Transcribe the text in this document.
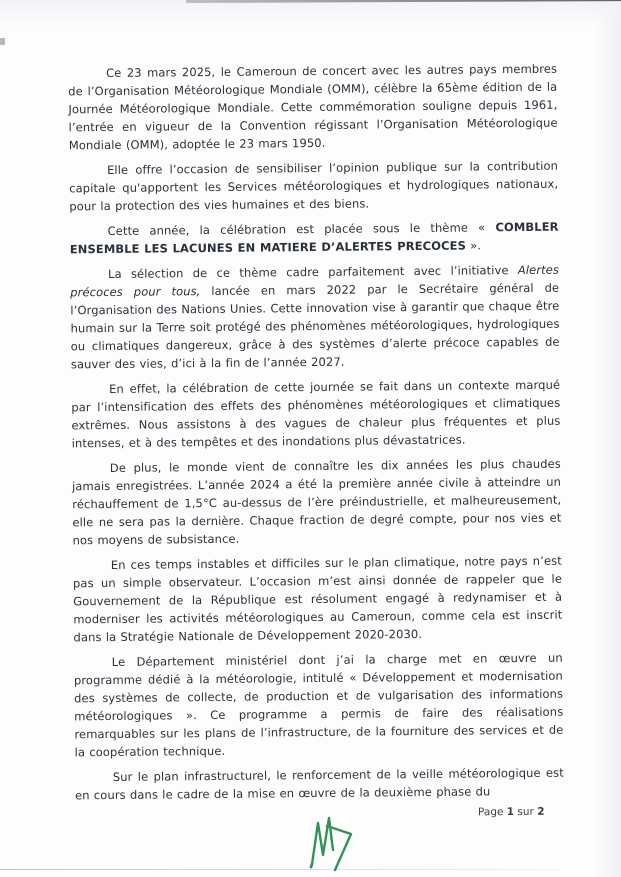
Ce 23 mars 2025, le Cameroun de concert avec les autres pays membres de l’Organisation Météorologique Mondiale (OMM), célèbre la 65ème édition de la Journée Météorologique Mondiale. Cette commémoration souligne depuis 1961, l’entrée en vigueur de la Convention régissant l’Organisation Météorologique Mondiale (OMM), adoptée le 23 mars 1950.

Elle offre l’occasion de sensibiliser l’opinion publique sur la contribution capitale qu'apportent les Services météorologiques et hydrologiques nationaux, pour la protection des vies humaines et des biens.

Cette année, la célébration est placée sous le thème « COMBLER ENSEMBLE LES LACUNES EN MATIERE D’ALERTES PRECOCES ».

La sélection de ce thème cadre parfaitement avec l’initiative Alertes précoces pour tous, lancée en mars 2022 par le Secrétaire général de l’Organisation des Nations Unies. Cette innovation vise à garantir que chaque être humain sur la Terre soit protégé des phénomènes météorologiques, hydrologiques ou climatiques dangereux, grâce à des systèmes d’alerte précoce capables de sauver des vies, d’ici à la fin de l’année 2027.

En effet, la célébration de cette journée se fait dans un contexte marqué par l’intensification des effets des phénomènes météorologiques et climatiques extrêmes. Nous assistons à des vagues de chaleur plus fréquentes et plus intenses, et à des tempêtes et des inondations plus dévastatrices.

De plus, le monde vient de connaître les dix années les plus chaudes jamais enregistrées. L’année 2024 a été la première année civile à atteindre un réchauffement de 1,5°C au-dessus de l’ère préindustrielle, et malheureusement, elle ne sera pas la dernière. Chaque fraction de degré compte, pour nos vies et nos moyens de subsistance.

En ces temps instables et difficiles sur le plan climatique, notre pays n’est pas un simple observateur. L’occasion m’est ainsi donnée de rappeler que le Gouvernement de la République est résolument engagé à redynamiser et à moderniser les activités météorologiques au Cameroun, comme cela est inscrit dans la Stratégie Nationale de Développement 2020-2030.

Le Département ministériel dont j’ai la charge met en œuvre un programme dédié à la météorologie, intitulé « Développement et modernisation des systèmes de collecte, de production et de vulgarisation des informations météorologiques ». Ce programme a permis de faire des réalisations remarquables sur les plans de l’infrastructure, de la fourniture des services et de la coopération technique.

Sur le plan infrastructurel, le renforcement de la veille météorologique est en cours dans le cadre de la mise en œuvre de la deuxième phase du

Page 1 sur 2
